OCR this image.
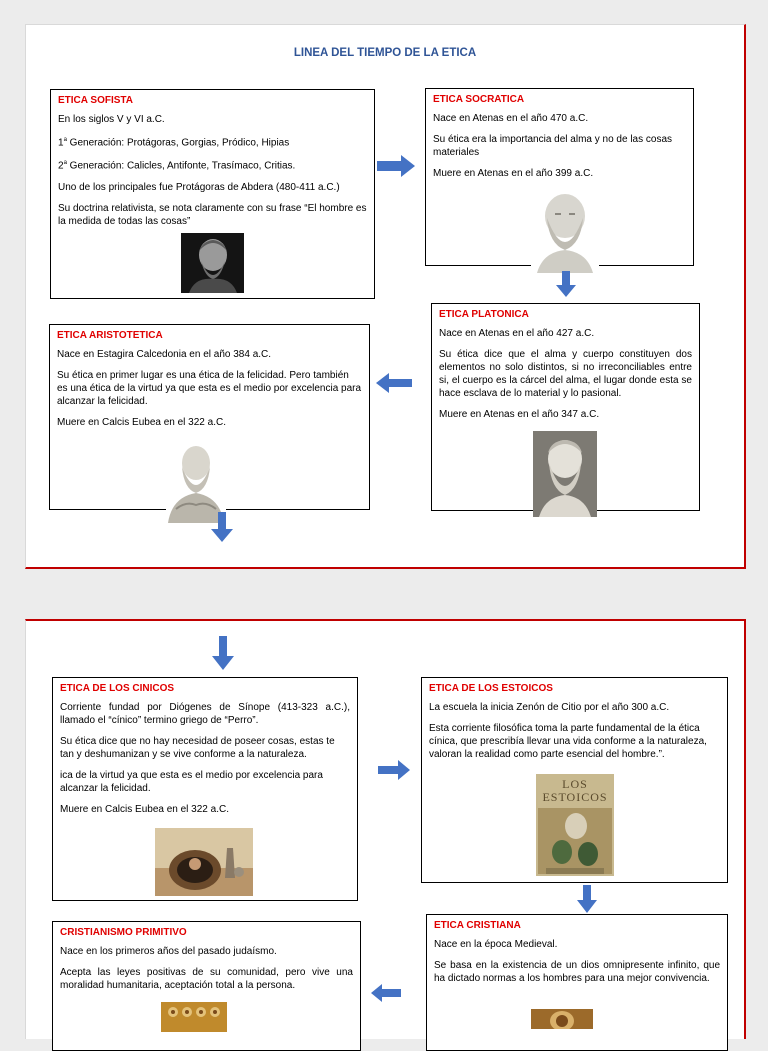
LINEA DEL TIEMPO DE LA ETICA
ETICA SOFISTA

En los siglos V y VI a.C.

1$^a$ Generación: Protágoras, Gorgias, Pródico, Hipias

2$^a$ Generación: Calicles, Antifonte, Trasímaco, Critias.

Uno de los principales fue Protágoras de Abdera (480-411 a.C.)

Su doctrina relativista, se nota claramente con su frase “El hombre es la medida de todas las cosas”

ETICA SOCRATICA

Nace en Atenas en el año 470 a.C.

Su ética era la importancia del alma y no de las cosas materiales

Muere en Atenas en el año 399 a.C.

ETICA PLATONICA

Nace en Atenas en el año 427 a.C.

Su ética dice que el alma y cuerpo constituyen dos elementos no solo distintos, si no irreconciliables entre si, el cuerpo es la cárcel del alma, el lugar donde esta se hace esclava de lo material y lo pasional.

Muere en Atenas en el año 347 a.C.

ETICA ARISTOTETICA

Nace en Estagira Calcedonia en el año 384 a.C.

Su ética en primer lugar es una ética de la felicidad. Pero también es una ética de la virtud ya que esta es el medio por excelencia para alcanzar la felicidad.

Muere en Calcis Eubea en el 322 a.C.

ETICA DE LOS CINICOS

Corriente fundad por Diógenes de Sínope (413-323 a.C.), llamado el “cínico” termino griego de “Perro”.

Su ética dice que no hay necesidad de poseer cosas, estas te tan y deshumanizan y se vive conforme a la naturaleza.

ica de la virtud ya que esta es el medio por excelencia para alcanzar la felicidad.

Muere en Calcis Eubea en el 322 a.C.

ETICA DE LOS ESTOICOS

La escuela la inicia Zenón de Citio por el año 300 a.C.

Esta corriente filosófica toma la parte fundamental de la ética cínica, que prescribía llevar una vida conforme a la naturaleza, valoran la realidad como parte esencial del hombre.”.

LOS ESTOICOS
CRISTIANISMO PRIMITIVO

Nace en los primeros años del pasado judaísmo.

Acepta las leyes positivas de su comunidad, pero vive una moralidad humanitaria, aceptación total a la persona.

ETICA CRISTIANA

Nace en la época Medieval.

Se basa en la existencia de un dios omnipresente infinito, que ha dictado normas a los hombres para una mejor convivencia.
